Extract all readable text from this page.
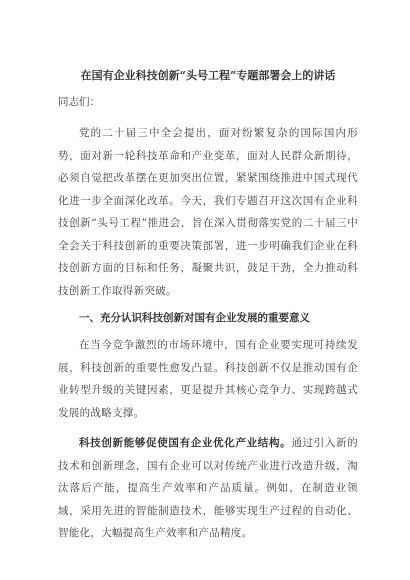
在国有企业科技创新“头号工程”专题部署会上的讲话
同志们：

党的二十届三中全会提出，面对纷繁复杂的国际国内形势，面对新一轮科技革命和产业变革，面对人民群众新期待，必须自觉把改革摆在更加突出位置，紧紧围绕推进中国式现代化进一步全面深化改革。今天，我们专题召开这次国有企业科技创新“头号工程”推进会，旨在深入贯彻落实党的二十届三中全会关于科技创新的重要决策部署，进一步明确我们企业在科技创新方面的目标和任务，凝聚共识，鼓足干劲，全力推动科技创新工作取得新突破。

一、充分认识科技创新对国有企业发展的重要意义

在当今竞争激烈的市场环境中，国有企业要实现可持续发展，科技创新的重要性愈发凸显。科技创新不仅是推动国有企业转型升级的关键因素，更是提升其核心竞争力、实现跨越式发展的战略支撑。

科技创新能够促使国有企业优化产业结构。通过引入新的技术和创新理念，国有企业可以对传统产业进行改造升级，淘汰落后产能，提高生产效率和产品质量。例如，在制造业领域，采用先进的智能制造技术，能够实现生产过程的自动化、智能化，大幅提高生产效率和产品精度。
